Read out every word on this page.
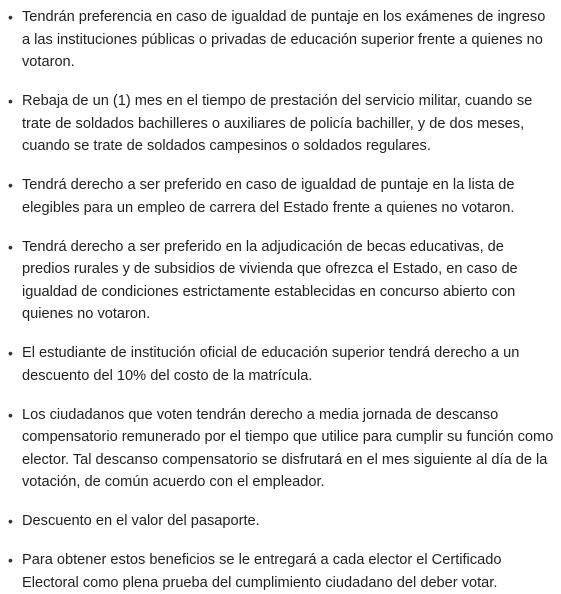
• Tendrán preferencia en caso de igualdad de puntaje en los exámenes de ingreso a las instituciones públicas o privadas de educación superior frente a quienes no votaron.
• Rebaja de un (1) mes en el tiempo de prestación del servicio militar, cuando se trate de soldados bachilleres o auxiliares de policía bachiller, y de dos meses, cuando se trate de soldados campesinos o soldados regulares.
• Tendrá derecho a ser preferido en caso de igualdad de puntaje en la lista de elegibles para un empleo de carrera del Estado frente a quienes no votaron.
• Tendrá derecho a ser preferido en la adjudicación de becas educativas, de predios rurales y de subsidios de vivienda que ofrezca el Estado, en caso de igualdad de condiciones estrictamente establecidas en concurso abierto con quienes no votaron.
• El estudiante de institución oficial de educación superior tendrá derecho a un descuento del 10% del costo de la matrícula.
• Los ciudadanos que voten tendrán derecho a media jornada de descanso compensatorio remunerado por el tiempo que utilice para cumplir su función como elector. Tal descanso compensatorio se disfrutará en el mes siguiente al día de la votación, de común acuerdo con el empleador.
• Descuento en el valor del pasaporte.
• Para obtener estos beneficios se le entregará a cada elector el Certificado Electoral como plena prueba del cumplimiento ciudadano del deber votar.
